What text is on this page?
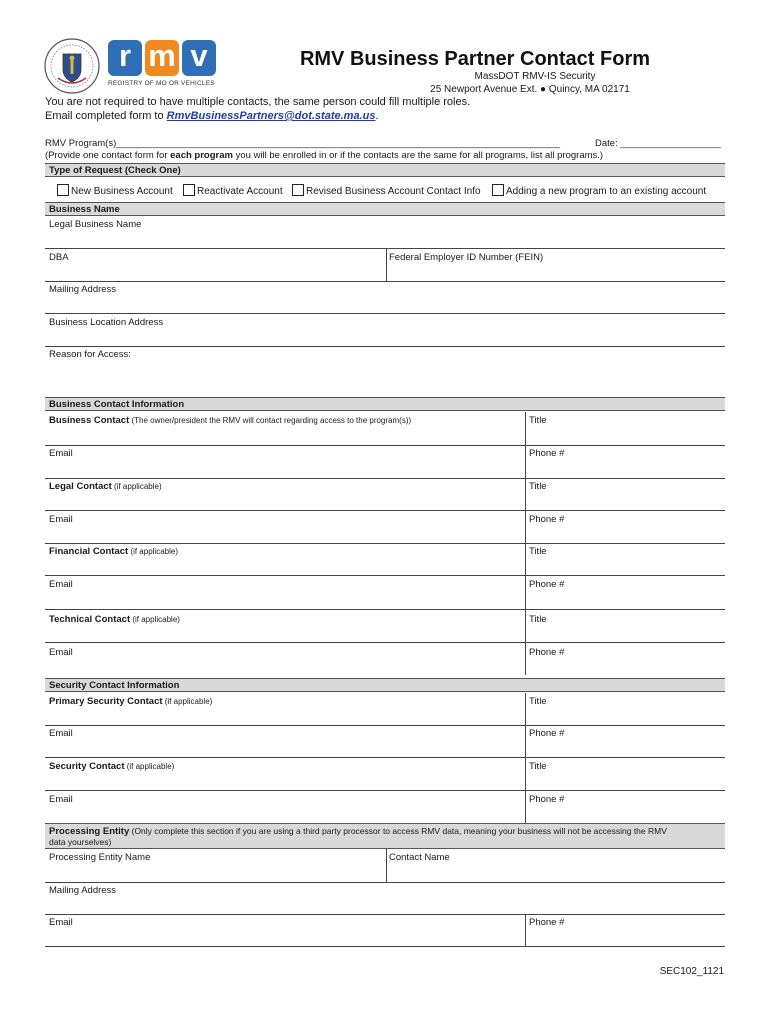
r m v
REGISTRY OF MO OR VEHICLES
RMV Business Partner Contact Form
MassDOT RMV-IS Security
25 Newport Avenue Ext. ● Quincy, MA 02171
You are not required to have multiple contacts, the same person could fill multiple roles.
Email completed form to RmvBusinessPartners@dot.state.ma.us.
RMV Program(s)____________________________________________________________________________________	Date: ___________________
(Provide one contact form for each program you will be enrolled in or if the contacts are the same for all programs, list all programs.)
Type of Request (Check One)
New Business Account	Reactivate Account	Revised Business Account Contact Info	Adding a new program to an existing account
Business Name
Legal Business Name
DBA	Federal Employer ID Number (FEIN)
Mailing Address
Business Location Address
Reason for Access:
Business Contact Information
Business Contact (The owner/president the RMV will contact regarding access to the program(s))	Title
Email	Phone #
Legal Contact (if applicable)	Title
Email	Phone #
Financial Contact (if applicable)	Title
Email	Phone #
Technical Contact (if applicable)	Title
Email	Phone #
Security Contact Information
Primary Security Contact (if applicable)	Title
Email	Phone #
Security Contact (if applicable)	Title
Email	Phone #
Processing Entity (Only complete this section if you are using a third party processor to access RMV data, meaning your business will not be accessing the RMV
data yourselves)
Processing Entity Name	Contact Name
Mailing Address
Email	Phone #
SEC102_1121
